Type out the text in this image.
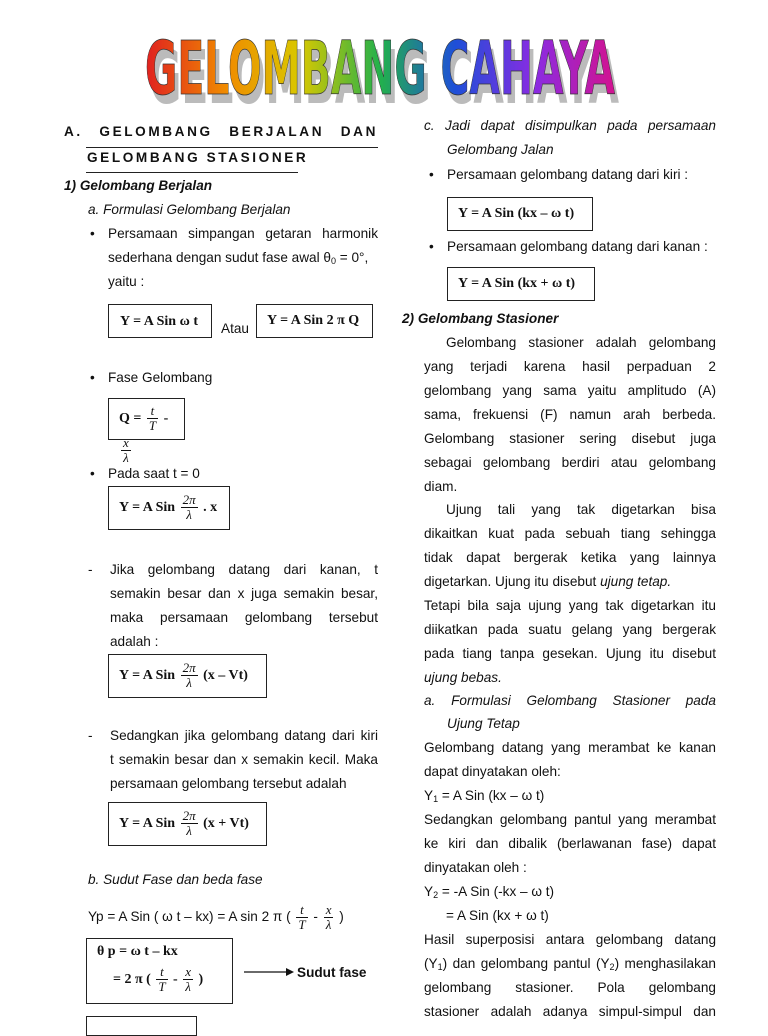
GELOMBANG CAHAYA
GELOMBANG CAHAYA
A. GELOMBANG BERJALAN DAN
GELOMBANG STASIONER
1) Gelombang Berjalan
a. Formulasi Gelombang Berjalan
• Persamaan simpangan getaran harmonik
sederhana dengan sudut fase awal $\theta_0 = 0^\circ$,
yaitu :
Y = A Sin ω t	Atau
Y = A Sin 2 π Q
• Fase Gelombang
$Q = \frac{t}{T}$ -
$\frac{x}{\lambda}$
• Pada saat t = 0
Y = A Sin $\frac{2\pi}{\lambda}$ . x
- Jika gelombang datang dari kanan, t
semakin besar dan x juga semakin besar,
maka persamaan gelombang tersebut
adalah :
Y = A Sin $\frac{2\pi}{\lambda} (x - Vt)$
- Sedangkan jika gelombang datang dari kiri
t semakin besar dan x semakin kecil. Maka
persamaan gelombang tersebut adalah
Y = A Sin $\frac{2\pi}{\lambda} (x + Vt)$
b. Sudut Fase dan beda fase
Yp = A Sin ( ω t – kx) = A sin 2 π ( $\frac{t}{T} - \frac{x}{\lambda}$ )
θ p = ω t – kx
= 2 π ( $\frac{t}{T} - \frac{x}{\lambda}$ )	Sudut fase
c. Jadi dapat disimpulkan pada persamaan
Gelombang Jalan
• Persamaan gelombang datang dari kiri :
Y = A Sin (kx – ω t)
• Persamaan gelombang datang dari kanan :
Y = A Sin (kx + ω t)
2) Gelombang Stasioner
Gelombang stasioner adalah gelombang
yang terjadi karena hasil perpaduan 2
gelombang yang sama yaitu amplitudo (A)
sama, frekuensi (F) namun arah berbeda.
Gelombang stasioner sering disebut juga
sebagai gelombang berdiri atau gelombang
diam.
Ujung tali yang tak digetarkan bisa
dikaitkan kuat pada sebuah tiang sehingga
tidak dapat bergerak ketika yang lainnya
digetarkan. Ujung itu disebut ujung tetap.
Tetapi bila saja ujung yang tak digetarkan itu
diikatkan pada suatu gelang yang bergerak
pada tiang tanpa gesekan. Ujung itu disebut
ujung bebas.
a. Formulasi Gelombang Stasioner pada
Ujung Tetap
Gelombang datang yang merambat ke kanan
dapat dinyatakan oleh:
$Y_1 = A$ Sin (kx – ω t)
Sedangkan gelombang pantul yang merambat
ke kiri dan dibalik (berlawanan fase) dapat
dinyatakan oleh :
$Y_2 = -A$ Sin (-kx – ω t)
= A Sin (kx + ω t)
Hasil superposisi antara gelombang datang
$(Y_1)$ dan gelombang pantul $(Y_2)$ menghasilakan
gelombang stasioner. Pola gelombang
stasioner adalah adanya simpul-simpul dan
